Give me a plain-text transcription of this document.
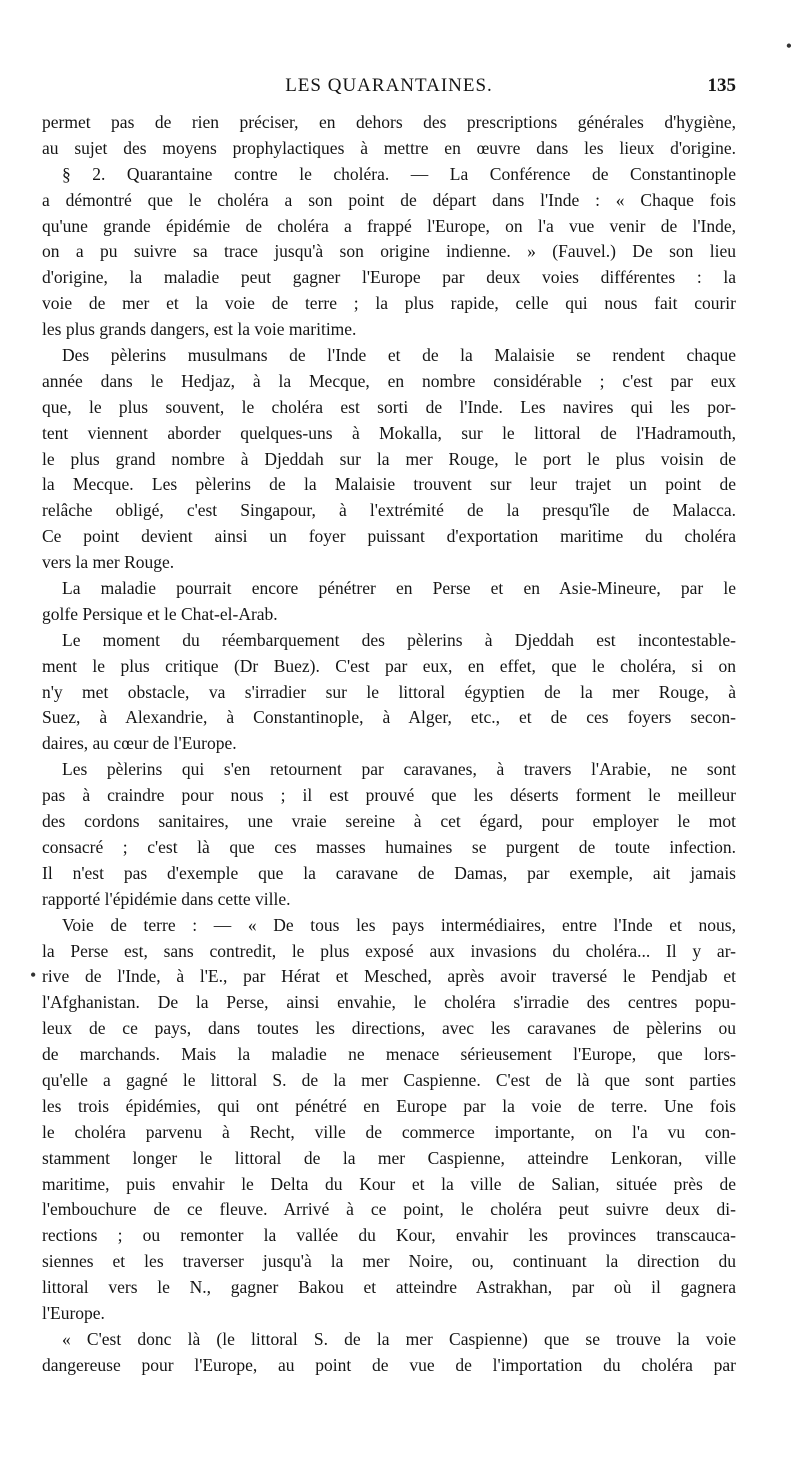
•
•
LES QUARANTAINES.	135
permet pas de rien préciser, en dehors des prescriptions générales d'hygiène,
au sujet des moyens prophylactiques à mettre en œuvre dans les lieux d'origine.
§ 2. Quarantaine contre le choléra. — La Conférence de Constantinople
a démontré que le choléra a son point de départ dans l'Inde : « Chaque fois
qu'une grande épidémie de choléra a frappé l'Europe, on l'a vue venir de l'Inde,
on a pu suivre sa trace jusqu'à son origine indienne. » (Fauvel.) De son lieu
d'origine, la maladie peut gagner l'Europe par deux voies différentes : la
voie de mer et la voie de terre ; la plus rapide, celle qui nous fait courir
les plus grands dangers, est la voie maritime.
Des pèlerins musulmans de l'Inde et de la Malaisie se rendent chaque
année dans le Hedjaz, à la Mecque, en nombre considérable ; c'est par eux
que, le plus souvent, le choléra est sorti de l'Inde. Les navires qui les por-
tent viennent aborder quelques-uns à Mokalla, sur le littoral de l'Hadramouth,
le plus grand nombre à Djeddah sur la mer Rouge, le port le plus voisin de
la Mecque. Les pèlerins de la Malaisie trouvent sur leur trajet un point de
relâche obligé, c'est Singapour, à l'extrémité de la presqu'île de Malacca.
Ce point devient ainsi un foyer puissant d'exportation maritime du choléra
vers la mer Rouge.
La maladie pourrait encore pénétrer en Perse et en Asie-Mineure, par le
golfe Persique et le Chat-el-Arab.
Le moment du réembarquement des pèlerins à Djeddah est incontestable-
ment le plus critique (Dr Buez). C'est par eux, en effet, que le choléra, si on
n'y met obstacle, va s'irradier sur le littoral égyptien de la mer Rouge, à
Suez, à Alexandrie, à Constantinople, à Alger, etc., et de ces foyers secon-
daires, au cœur de l'Europe.
Les pèlerins qui s'en retournent par caravanes, à travers l'Arabie, ne sont
pas à craindre pour nous ; il est prouvé que les déserts forment le meilleur
des cordons sanitaires, une vraie sereine à cet égard, pour employer le mot
consacré ; c'est là que ces masses humaines se purgent de toute infection.
Il n'est pas d'exemple que la caravane de Damas, par exemple, ait jamais
rapporté l'épidémie dans cette ville.
Voie de terre : — « De tous les pays intermédiaires, entre l'Inde et nous,
la Perse est, sans contredit, le plus exposé aux invasions du choléra... Il y ar-
rive de l'Inde, à l'E., par Hérat et Mesched, après avoir traversé le Pendjab et
l'Afghanistan. De la Perse, ainsi envahie, le choléra s'irradie des centres popu-
leux de ce pays, dans toutes les directions, avec les caravanes de pèlerins ou
de marchands. Mais la maladie ne menace sérieusement l'Europe, que lors-
qu'elle a gagné le littoral S. de la mer Caspienne. C'est de là que sont parties
les trois épidémies, qui ont pénétré en Europe par la voie de terre. Une fois
le choléra parvenu à Recht, ville de commerce importante, on l'a vu con-
stamment longer le littoral de la mer Caspienne, atteindre Lenkoran, ville
maritime, puis envahir le Delta du Kour et la ville de Salian, située près de
l'embouchure de ce fleuve. Arrivé à ce point, le choléra peut suivre deux di-
rections ; ou remonter la vallée du Kour, envahir les provinces transcauca-
siennes et les traverser jusqu'à la mer Noire, ou, continuant la direction du
littoral vers le N., gagner Bakou et atteindre Astrakhan, par où il gagnera
l'Europe.
« C'est donc là (le littoral S. de la mer Caspienne) que se trouve la voie
dangereuse pour l'Europe, au point de vue de l'importation du choléra par
